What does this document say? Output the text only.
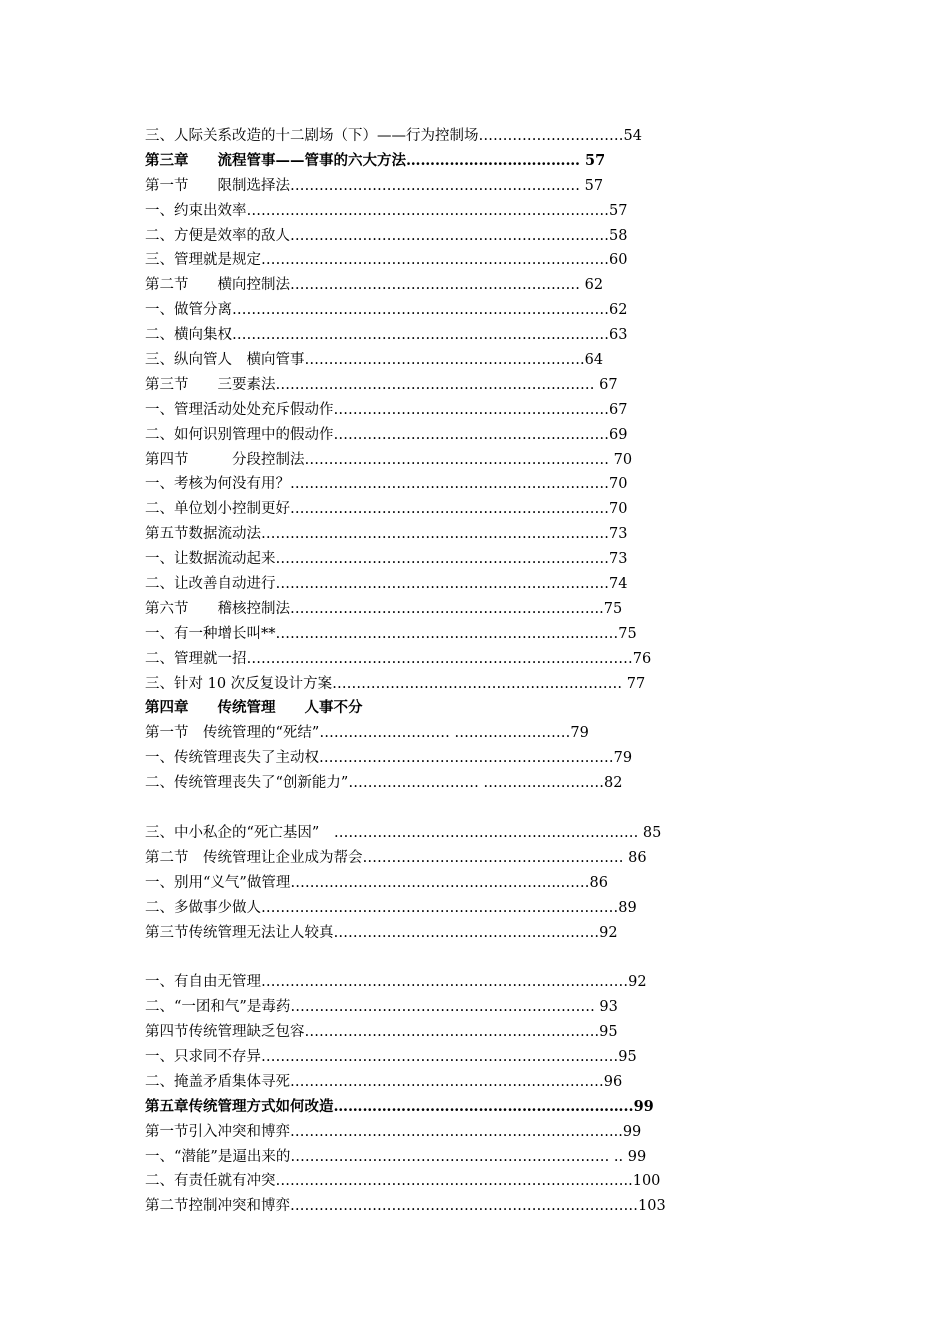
三、人际关系改造的十二剧场（下）——行为控制场…………………………54
第三章　　流程管事——管事的六大方法……………………………… 57
第一节　　限制选择法…………………………………………………… 57
一、约束出效率…………………………………………………………………57
二、方便是效率的敌人…………………………………………………………58
三、管理就是规定………………………………………………………………60
第二节　　横向控制法…………………………………………………… 62
一、做管分离……………………………………………………………………62
二、横向集权……………………………………………………………………63
三、纵向管人　横向管事………………………………………………….64
第三节　　三要素法………………………………………………………… 67
一、管理活动处处充斥假动作…………………………………………………67
二、如何识别管理中的假动作…………………………………………………69
第四节　　　分段控制法……………………………………………………… 70
一、考核为何没有用？…………………………………………………………70
二、单位划小控制更好…………………………………………………………70
第五节数据流动法………………………………………………………………73
一、让数据流动起来……………………………………………………………73
二、让改善自动进行……………………………………………………………74
第六节　　稽核控制法………………………………………………………..75
一、有一种增长叫**……………………………………………………..………75
二、管理就一招…………………………………………………………..…………76
三、针对 10 次反复设计方案…………………………………………………… 77
第四章　　传统管理　　人事不分
第一节　传统管理的“死结”……………………… ……………………79
一、传统管理丧失了主动权……………………………………………….……79
二、传统管理丧失了“创新能力”……………………… ………………….…82
三、中小私企的“死亡基因”　……………………………………………………… 85
第二节　传统管理让企业成为帮会……………………………………………… 86
一、别用“义气”做管理………………………………………………..……86
二、多做事少做人………………………………………………………..………89
第三节传统管理无法让人较真………………………………………….……92
一、有自由无管理…………………………………………………………….……92
二、“一团和气”是毒药……………………………………………………… 93
第四节传统管理缺乏包容…………………………………………………….95
一、只求同不存异…………………………………………………………..……95
二、掩盖矛盾集体寻死…………………………………………..……………96
第五章传统管理方式如何改造……………………………………………………..99
第一节引入冲突和博弈…………………………………………………………...99
一、“潜能”是逼出来的………………………………………………………… .. 99
二、有责任就有冲突………………………………………………………………..100
第二节控制冲突和博弈………………………………………………………………103
